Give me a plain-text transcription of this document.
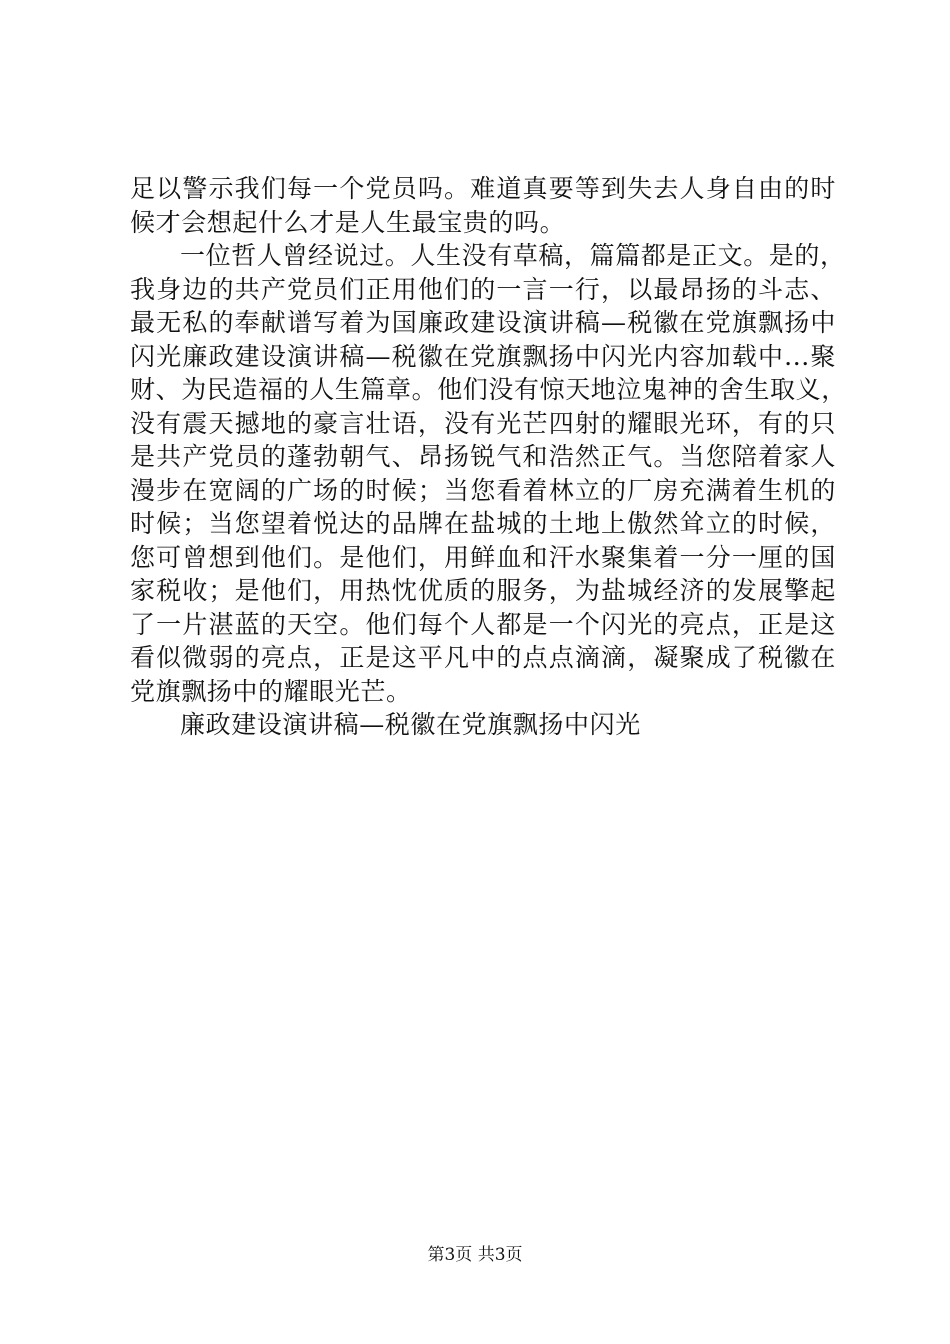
足以警示我们每一个党员吗。难道真要等到失去人身自由的时
候才会想起什么才是人生最宝贵的吗。
一位哲人曾经说过。人生没有草稿，篇篇都是正文。是的，
我身边的共产党员们正用他们的一言一行，以最昂扬的斗志、
最无私的奉献谱写着为国廉政建设演讲稿—税徽在党旗飘扬中
闪光廉政建设演讲稿—税徽在党旗飘扬中闪光内容加载中...聚
财、为民造福的人生篇章。他们没有惊天地泣鬼神的舍生取义，
没有震天撼地的豪言壮语，没有光芒四射的耀眼光环，有的只
是共产党员的蓬勃朝气、昂扬锐气和浩然正气。当您陪着家人
漫步在宽阔的广场的时候；当您看着林立的厂房充满着生机的
时候；当您望着悦达的品牌在盐城的土地上傲然耸立的时候，
您可曾想到他们。是他们，用鲜血和汗水聚集着一分一厘的国
家税收；是他们，用热忱优质的服务，为盐城经济的发展擎起
了一片湛蓝的天空。他们每个人都是一个闪光的亮点，正是这
看似微弱的亮点，正是这平凡中的点点滴滴，凝聚成了税徽在
党旗飘扬中的耀眼光芒。
廉政建设演讲稿—税徽在党旗飘扬中闪光
第3页 共3页
